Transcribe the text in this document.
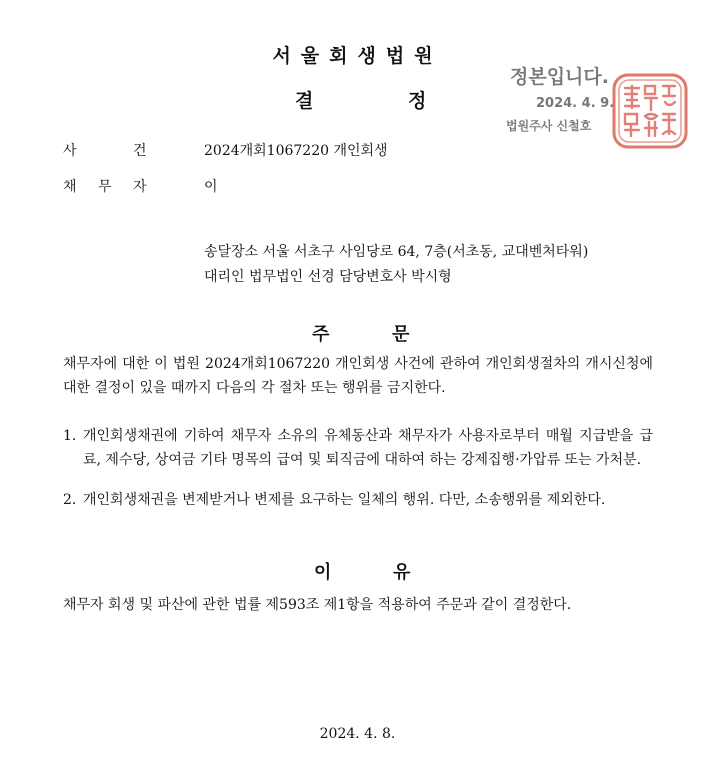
서울회생법원
결	정
정본입니다.
2024. 4. 9.
법원주사 신철호
사	건	2024개회1067220 개인회생
채 무 자	이
송달장소 서울 서초구 사임당로 64, 7층(서초동, 교대벤처타워)
대리인 법무법인 선경 담당변호사 박시형
주	문
채무자에 대한 이 법원 2024개회1067220 개인회생 사건에 관하여 개인회생절차의 개시신청에 대한 결정이 있을 때까지 다음의 각 절차 또는 행위를 금지한다.
1. 개인회생채권에 기하여 채무자 소유의 유체동산과 채무자가 사용자로부터 매월 지급받을 급료, 제수당, 상여금 기타 명목의 급여 및 퇴직금에 대하여 하는 강제집행·가압류 또는 가처분.
2. 개인회생채권을 변제받거나 변제를 요구하는 일체의 행위. 다만, 소송행위를 제외한다.
이	유
채무자 회생 및 파산에 관한 법률 제593조 제1항을 적용하여 주문과 같이 결정한다.
2024. 4. 8.
